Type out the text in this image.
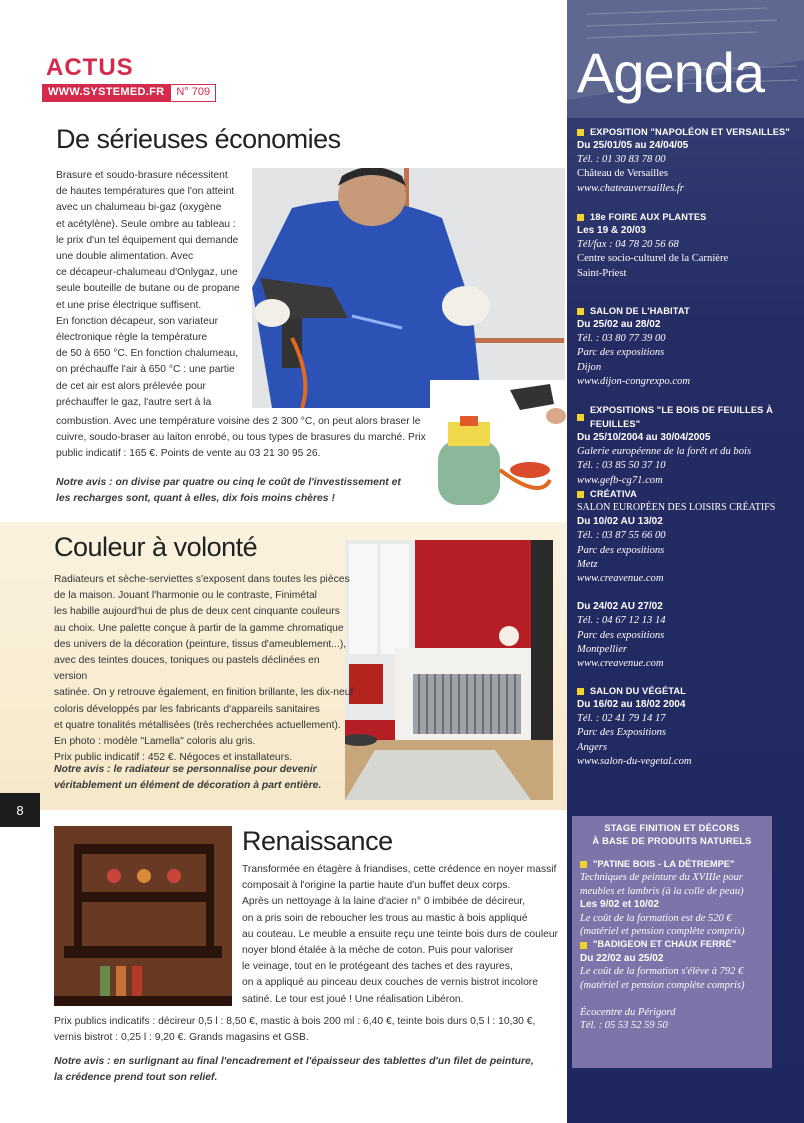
ACTUS
WWW.SYSTEMED.FR	N° 709
De sérieuses économies
Brasure et soudo-brasure nécessitent
de hautes températures que l'on atteint
avec un chalumeau bi-gaz (oxygène
et acétylène). Seule ombre au tableau :
le prix d'un tel équipement qui demande
une double alimentation. Avec
ce décapeur-chalumeau d'Onlygaz, une
seule bouteille de butane ou de propane
et une prise électrique suffisent.
En fonction décapeur, son variateur
électronique règle la température
de 50 à 650 °C. En fonction chalumeau,
on préchauffe l'air à 650 °C : une partie
de cet air est alors prélevée pour
préchauffer le gaz, l'autre sert à la
combustion. Avec une température voisine des 2 300 °C, on peut alors braser le
cuivre, soudo-braser au laiton enrobé, ou tous types de brasures du marché. Prix
public indicatif : 165 €. Points de vente au 03 21 30 95 26.
Notre avis : on divise par quatre ou cinq le coût de l'investissement et
les recharges sont, quant à elles, dix fois moins chères !
Couleur à volonté
Radiateurs et sèche-serviettes s'exposent dans toutes les pièces
de la maison. Jouant l'harmonie ou le contraste, Finimétal
les habille aujourd'hui de plus de deux cent cinquante couleurs
au choix. Une palette conçue à partir de la gamme chromatique
des univers de la décoration (peinture, tissus d'ameublement...),
avec des teintes douces, toniques ou pastels déclinées en version
satinée. On y retrouve également, en finition brillante, les dix-neuf
coloris développés par les fabricants d'appareils sanitaires
et quatre tonalités métallisées (très recherchées actuellement).
En photo : modèle "Lamella" coloris alu gris.
Prix public indicatif : 452 €. Négoces et installateurs.
Notre avis : le radiateur se personnalise pour devenir
véritablement un élément de décoration à part entière.
8
Renaissance
Transformée en étagère à friandises, cette crédence en noyer massif
composait à l'origine la partie haute d'un buffet deux corps.
Après un nettoyage à la laine d'acier n° 0 imbibée de décireur,
on a pris soin de reboucher les trous au mastic à bois appliqué
au couteau. Le meuble a ensuite reçu une teinte bois durs de couleur
noyer blond étalée à la mèche de coton. Puis pour valoriser
le veinage, tout en le protégeant des taches et des rayures,
on a appliqué au pinceau deux couches de vernis bistrot incolore
satiné. Le tour est joué ! Une réalisation Libéron.
Prix publics indicatifs : décireur 0,5 l : 8,50 €, mastic à bois 200 ml : 6,40 €, teinte bois durs 0,5 l : 10,30 €,
vernis bistrot : 0,25 l : 9,20 €. Grands magasins et GSB.
Notre avis : en surlignant au final l'encadrement et l'épaisseur des tablettes d'un filet de peinture,
la crédence prend tout son relief.
Agenda
EXPOSITION "NAPOLÉON ET VERSAILLES"
Du 25/01/05 au 24/04/05
Tél. : 01 30 83 78 00
Château de Versailles
www.chateauversailles.fr
18e FOIRE AUX PLANTES
Les 19 & 20/03
Tél/fax : 04 78 20 56 68
Centre socio-culturel de la Carnière
Saint-Priest
SALON DE L'HABITAT
Du 25/02 au 28/02
Tél. : 03 80 77 39 00
Parc des expositions
Dijon
www.dijon-congrexpo.com
EXPOSITIONS "LE BOIS DE FEUILLES À FEUILLES"
Du 25/10/2004 au 30/04/2005
Galerie européenne de la forêt et du bois
Tél. : 03 85 50 37 10
www.gefb-cg71.com
CRÉATIVA
SALON EUROPÉEN DES LOISIRS CRÉATIFS
Du 10/02 AU 13/02
Tél. : 03 87 55 66 00
Parc des expositions
Metz
www.creavenue.com
Du 24/02 AU 27/02
Tél. : 04 67 12 13 14
Parc des expositions
Montpellier
www.creavenue.com
SALON DU VÉGÉTAL
Du 16/02 au 18/02 2004
Tél. : 02 41 79 14 17
Parc des Expositions
Angers
www.salon-du-vegetal.com
STAGE FINITION ET DÉCORS
À BASE DE PRODUITS NATURELS
"PATINE BOIS - LA DÉTREMPE"
Techniques de peinture du XVIIIe pour
meubles et lambris (à la colle de peau)
Les 9/02 et 10/02
Le coût de la formation est de 520 €
(matériel et pension complète compris)
"BADIGEON ET CHAUX FERRÉ"
Du 22/02 au 25/02
Le coût de la formation s'élève à 792 €
(matériel et pension complète compris)
Écocentre du Périgord
Tél. : 05 53 52 59 50
